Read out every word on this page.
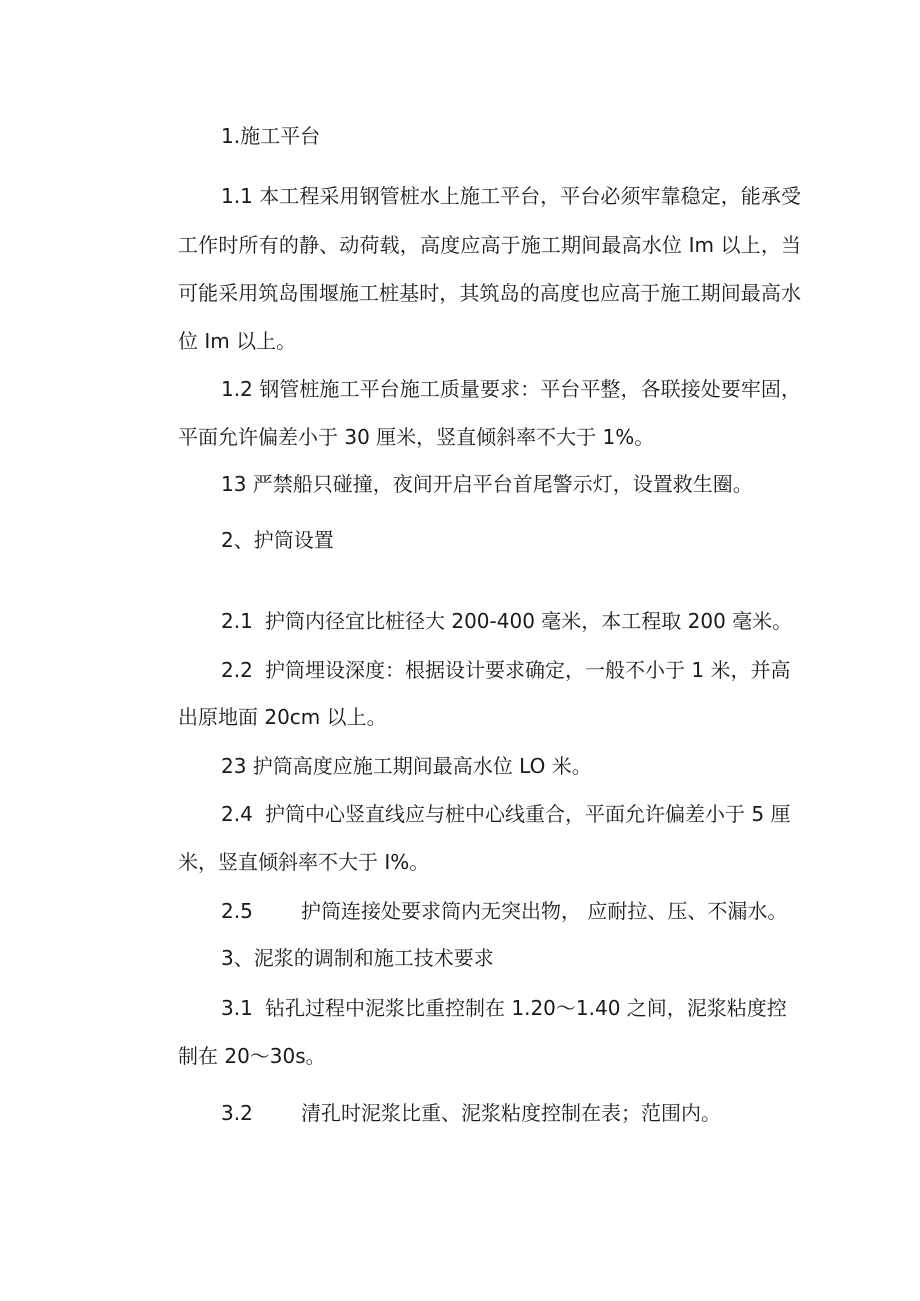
1.施工平台
1.1 本工程采用钢管桩水上施工平台，平台必须牢靠稳定，能承受
工作时所有的静、动荷载，高度应高于施工期间最高水位 Im 以上，当
可能采用筑岛围堰施工桩基时，其筑岛的高度也应高于施工期间最高水
位 Im 以上。
1.2 钢管桩施工平台施工质量要求：平台平整，各联接处要牢固，
平面允许偏差小于 30 厘米，竖直倾斜率不大于 1%。
13 严禁船只碰撞，夜间开启平台首尾警示灯，设置救生圈。
2、护筒设置
2.1 护筒内径宜比桩径大 200-400 毫米，本工程取 200 毫米。
2.2 护筒埋设深度：根据设计要求确定，一般不小于 1 米，并高
出原地面 20cm 以上。
23 护筒高度应施工期间最高水位 LO 米。
2.4 护筒中心竖直线应与桩中心线重合，平面允许偏差小于 5 厘
米，竖直倾斜率不大于 I%。
2.5 护筒连接处要求筒内无突出物， 应耐拉、压、不漏水。
3、泥浆的调制和施工技术要求
3.1 钻孔过程中泥浆比重控制在 1.20～1.40 之间，泥浆粘度控
制在 20～30s。
3.2 清孔时泥浆比重、泥浆粘度控制在表；范围内。
